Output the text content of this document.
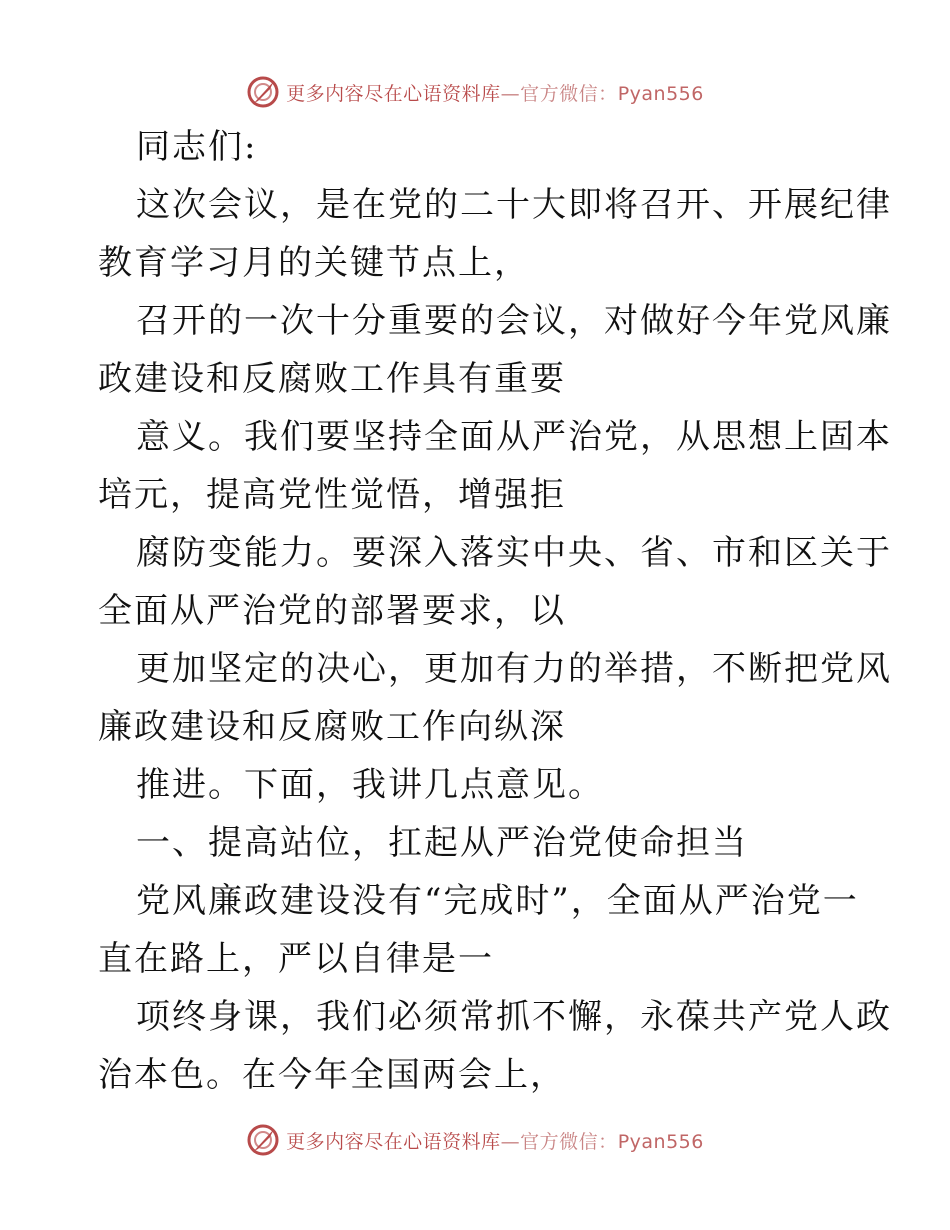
更多内容尽在心语资料库—官方微信：Pyan556
同志们:
这次会议，是在党的二十大即将召开、开展纪律
教育学习月的关键节点上，
召开的一次十分重要的会议，对做好今年党风廉
政建设和反腐败工作具有重要
意义。我们要坚持全面从严治党，从思想上固本
培元，提高党性觉悟，增强拒
腐防变能力。要深入落实中央、省、市和区关于
全面从严治党的部署要求，以
更加坚定的决心，更加有力的举措，不断把党风
廉政建设和反腐败工作向纵深
推进。下面，我讲几点意见。
一、提高站位，扛起从严治党使命担当
党风廉政建设没有“完成时”，全面从严治党一
直在路上，严以自律是一
项终身课，我们必须常抓不懈，永葆共产党人政
治本色。在今年全国两会上，
更多内容尽在心语资料库—官方微信：Pyan556
